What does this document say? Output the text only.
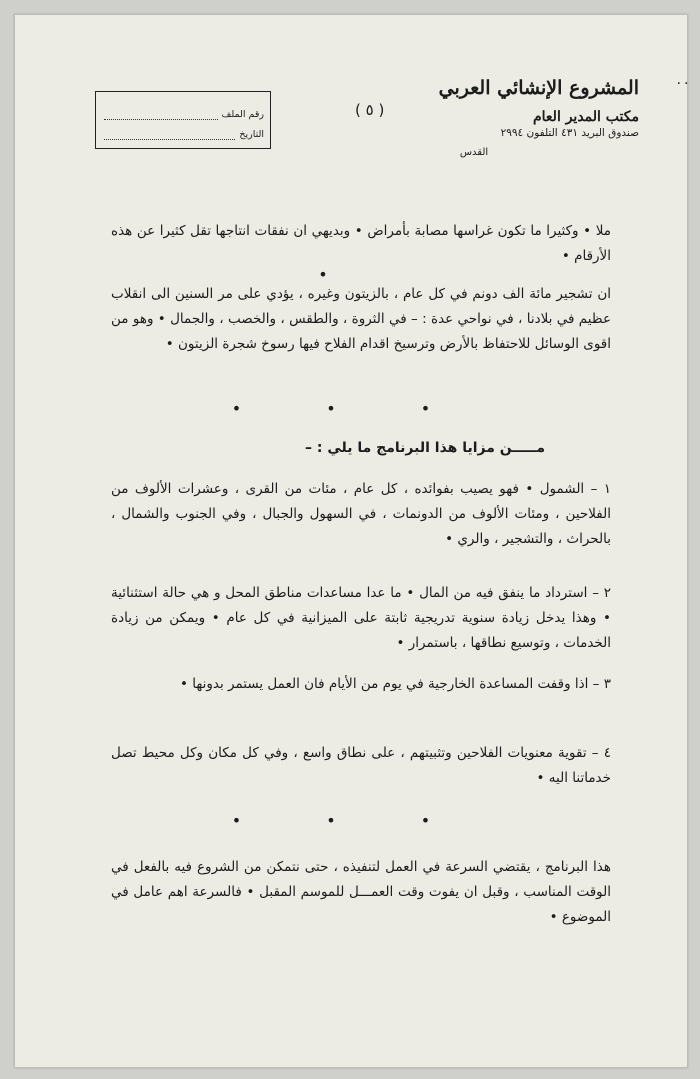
٠٠
المشروع الإنشائي العربي
مكتب المدير العام
صندوق البريد ٤٣١ التلفون ٢٩٩٤
القدس
( ٥ )
رقم الملف
التاريخ
ملا • وكثيرا ما تكون غراسها مصابة بأمراض • وبديهي ان نفقات انتاجها تقل كثيرا عن هذه الأرقام •
•
ان تشجير مائة الف دونم في كل عام ، بالزيتون وغيره ، يؤدي على مر السنين الى انقلاب عظيم في بلادنا ، في نواحي عدة : – في الثروة ، والطقس ، والخصب ، والجمال • وهو من اقوى الوسائل للاحتفاظ بالأرض وترسيخ اقدام الفلاح فيها رسوخ شجرة الزيتون •
• • •
مـــــن مزايا هذا البرنامج ما يلي : –
١ – الشمول • فهو يصيب بفوائده ، كل عام ، مئات من القرى ، وعشرات الألوف من الفلاحين ، ومئات الألوف من الدونمات ، في السهول والجبال ، وفي الجنوب والشمال ، بالحراث ، والتشجير ، والري •
٢ – استرداد ما ينفق فيه من المال • ما عدا مساعدات مناطق المحل و هي حالة استثنائية • وهذا يدخل زيادة سنوية تدريجية ثابتة على الميزانية في كل عام • ويمكن من زيادة الخدمات ، وتوسيع نطاقها ، باستمرار •
٣ – اذا وقفت المساعدة الخارجية في يوم من الأيام فان العمل يستمر بدونها •
٤ – تقوية معنويات الفلاحين وتثبيتهم ، على نطاق واسع ، وفي كل مكان وكل محيط تصل خدماتنا اليه •
• • •
هذا البرنامج ، يقتضي السرعة في العمل لتنفيذه ، حتى نتمكن من الشروع فيه بالفعل في الوقت المناسب ، وقبل ان يفوت وقت العمـــل للموسم المقبل • فالسرعة اهم عامل في الموضوع •
